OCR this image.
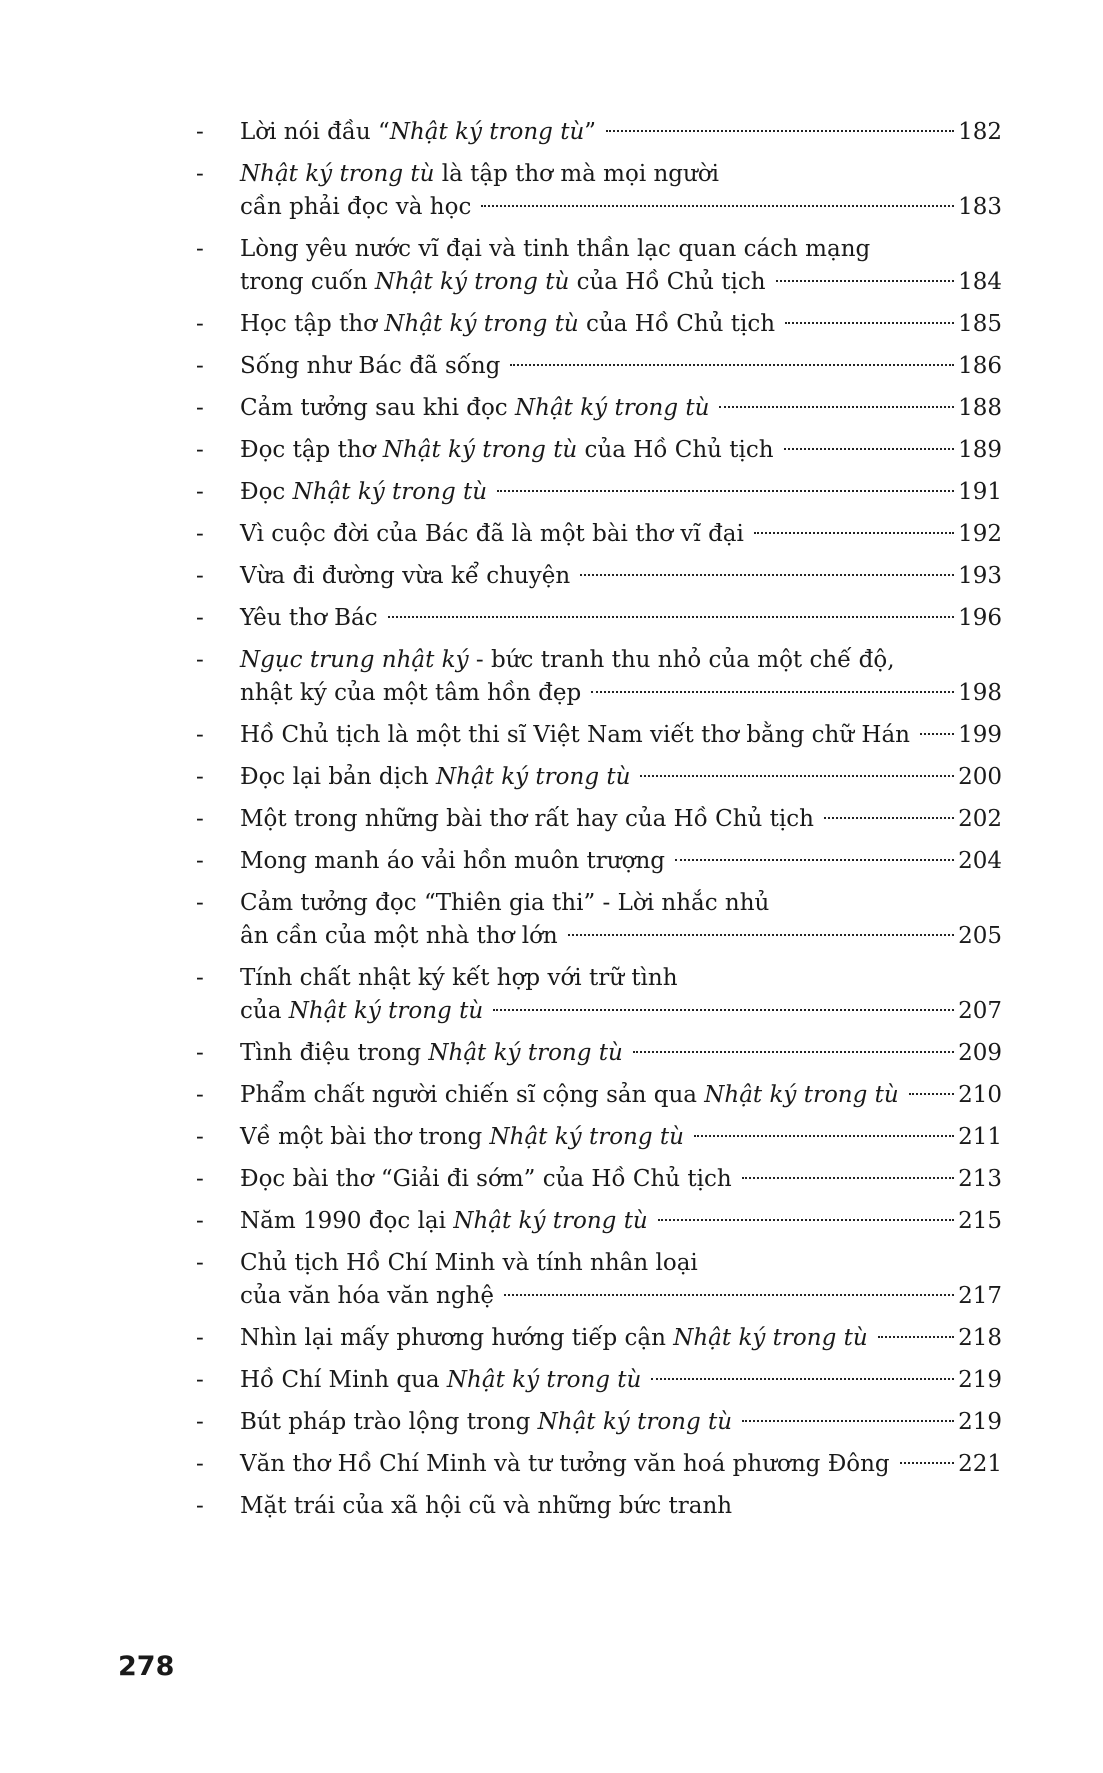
-	Lời nói đầu “Nhật ký trong tù”	182
-	Nhật ký trong tù là tập thơ mà mọi người
cần phải đọc và học	183
-	Lòng yêu nước vĩ đại và tinh thần lạc quan cách mạng
trong cuốn Nhật ký trong tù của Hồ Chủ tịch	184
-	Học tập thơ Nhật ký trong tù của Hồ Chủ tịch	185
-	Sống như Bác đã sống	186
-	Cảm tưởng sau khi đọc Nhật ký trong tù	188
-	Đọc tập thơ Nhật ký trong tù của Hồ Chủ tịch	189
-	Đọc Nhật ký trong tù	191
-	Vì cuộc đời của Bác đã là một bài thơ vĩ đại	192
-	Vừa đi đường vừa kể chuyện	193
-	Yêu thơ Bác	196
-	Ngục trung nhật ký - bức tranh thu nhỏ của một chế độ,
nhật ký của một tâm hồn đẹp	198
-	Hồ Chủ tịch là một thi sĩ Việt Nam viết thơ bằng chữ Hán 199
-	Đọc lại bản dịch Nhật ký trong tù	200
-	Một trong những bài thơ rất hay của Hồ Chủ tịch	202
-	Mong manh áo vải hồn muôn trượng	204
-	Cảm tưởng đọc “Thiên gia thi” - Lời nhắc nhủ
ân cần của một nhà thơ lớn	205
-	Tính chất nhật ký kết hợp với trữ tình
của Nhật ký trong tù	207
-	Tình điệu trong Nhật ký trong tù	209
-	Phẩm chất người chiến sĩ cộng sản qua Nhật ký trong tù	210
-	Về một bài thơ trong Nhật ký trong tù	211
-	Đọc bài thơ “Giải đi sớm” của Hồ Chủ tịch	213
-	Năm 1990 đọc lại Nhật ký trong tù	215
-	Chủ tịch Hồ Chí Minh và tính nhân loại
của văn hóa văn nghệ	217
-	Nhìn lại mấy phương hướng tiếp cận Nhật ký trong tù	218
-	Hồ Chí Minh qua Nhật ký trong tù	219
-	Bút pháp trào lộng trong Nhật ký trong tù	219
-	Văn thơ Hồ Chí Minh và tư tưởng văn hoá phương Đông	221
-	Mặt trái của xã hội cũ và những bức tranh
278
